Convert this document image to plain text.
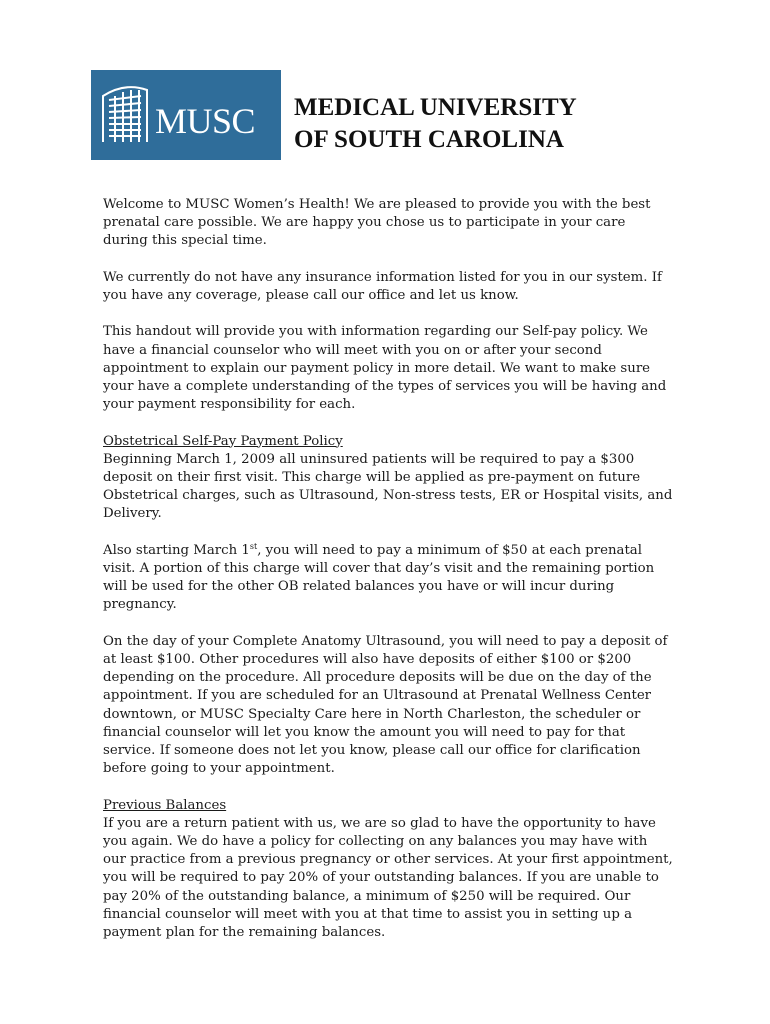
MUSC MEDICAL UNIVERSITY
OF SOUTH CAROLINA

Welcome to MUSC Women’s Health! We are pleased to provide you with the best prenatal care possible. We are happy you chose us to participate in your care during this special time.

We currently do not have any insurance information listed for you in our system. If you have any coverage, please call our office and let us know.

This handout will provide you with information regarding our Self-pay policy. We have a financial counselor who will meet with you on or after your second appointment to explain our payment policy in more detail. We want to make sure your have a complete understanding of the types of services you will be having and your payment responsibility for each.

Obstetrical Self-Pay Payment Policy
Beginning March 1, 2009 all uninsured patients will be required to pay a $300 deposit on their first visit. This charge will be applied as pre-payment on future Obstetrical charges, such as Ultrasound, Non-stress tests, ER or Hospital visits, and Delivery.

Also starting March 1st, you will need to pay a minimum of $50 at each prenatal visit. A portion of this charge will cover that day’s visit and the remaining portion will be used for the other OB related balances you have or will incur during pregnancy.

On the day of your Complete Anatomy Ultrasound, you will need to pay a deposit of at least $100. Other procedures will also have deposits of either $100 or $200 depending on the procedure. All procedure deposits will be due on the day of the appointment. If you are scheduled for an Ultrasound at Prenatal Wellness Center downtown, or MUSC Specialty Care here in North Charleston, the scheduler or financial counselor will let you know the amount you will need to pay for that service. If someone does not let you know, please call our office for clarification before going to your appointment.

Previous Balances
If you are a return patient with us, we are so glad to have the opportunity to have you again. We do have a policy for collecting on any balances you may have with our practice from a previous pregnancy or other services. At your first appointment, you will be required to pay 20% of your outstanding balances. If you are unable to pay 20% of the outstanding balance, a minimum of $250 will be required. Our financial counselor will meet with you at that time to assist you in setting up a payment plan for the remaining balances.
